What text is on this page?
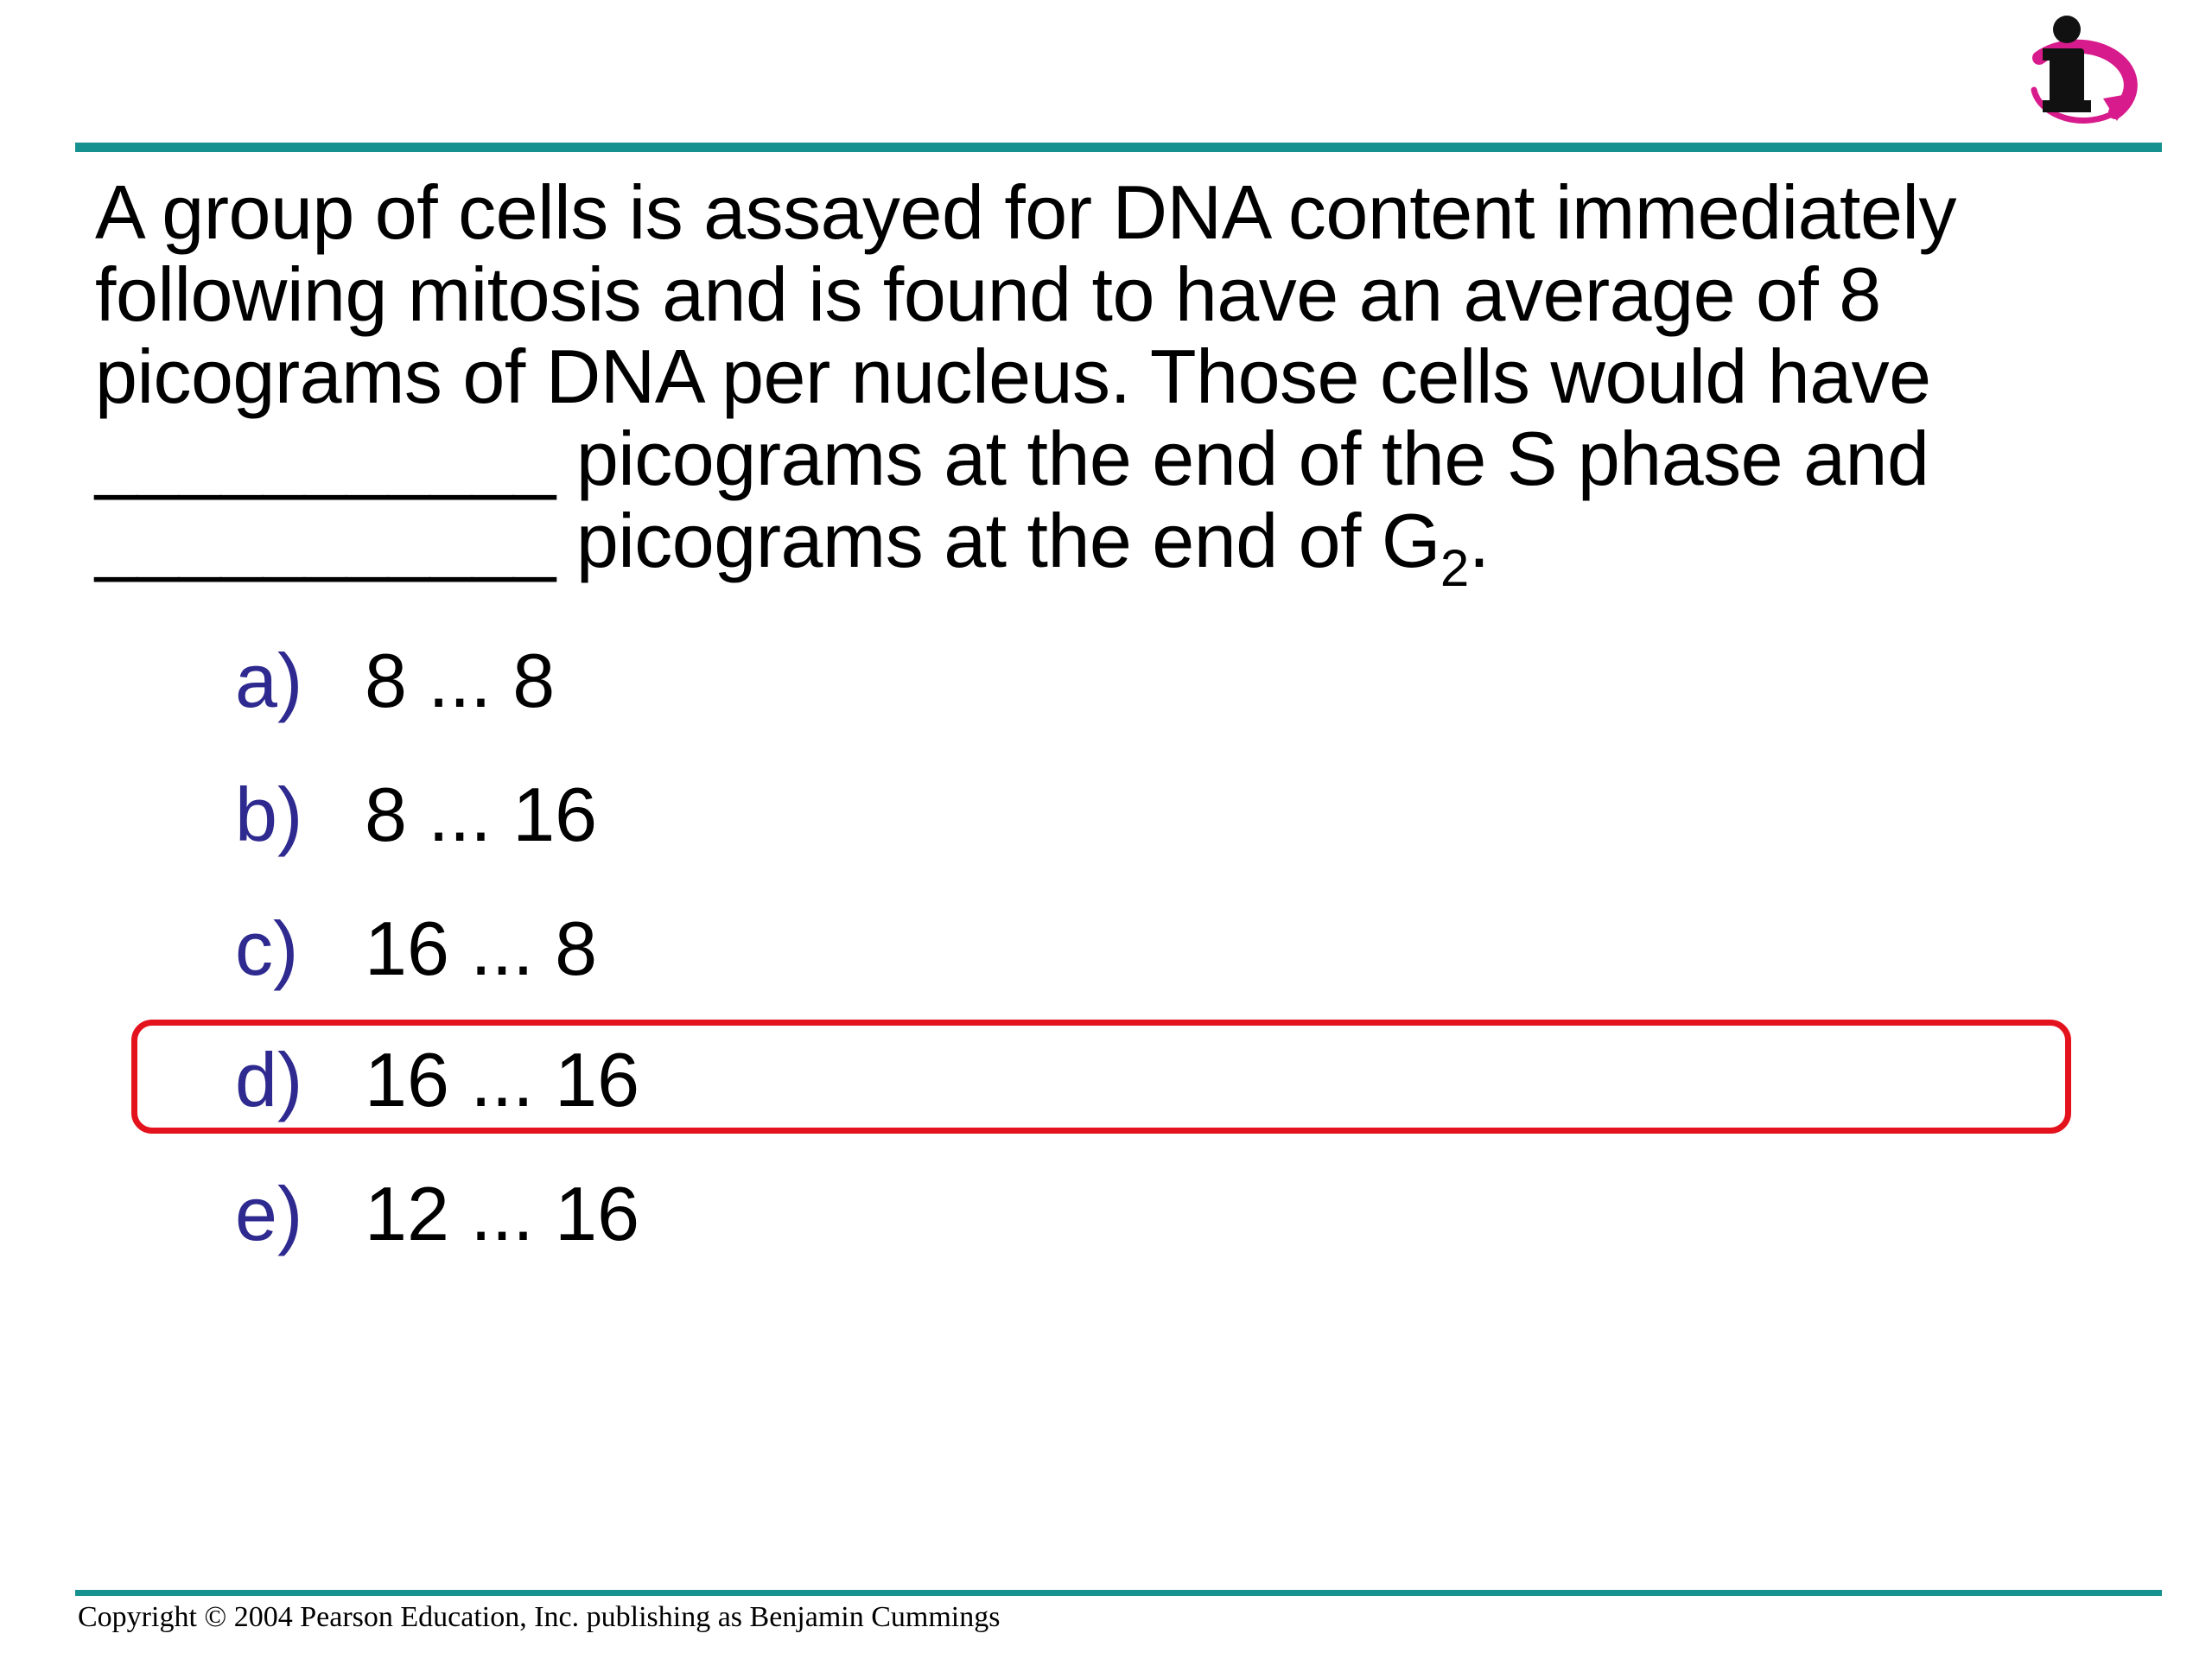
A group of cells is assayed for DNA content immediately
following mitosis and is found to have an average of 8
picograms of DNA per nucleus. Those cells would have
___________ picograms at the end of the S phase and
___________ picograms at the end of $G_2$.

a) 8 ... 8
b) 8 ... 16
c) 16 ... 8
d) 16 ... 16
e) 12 ... 16
Copyright © 2004 Pearson Education, Inc. publishing as Benjamin Cummings
